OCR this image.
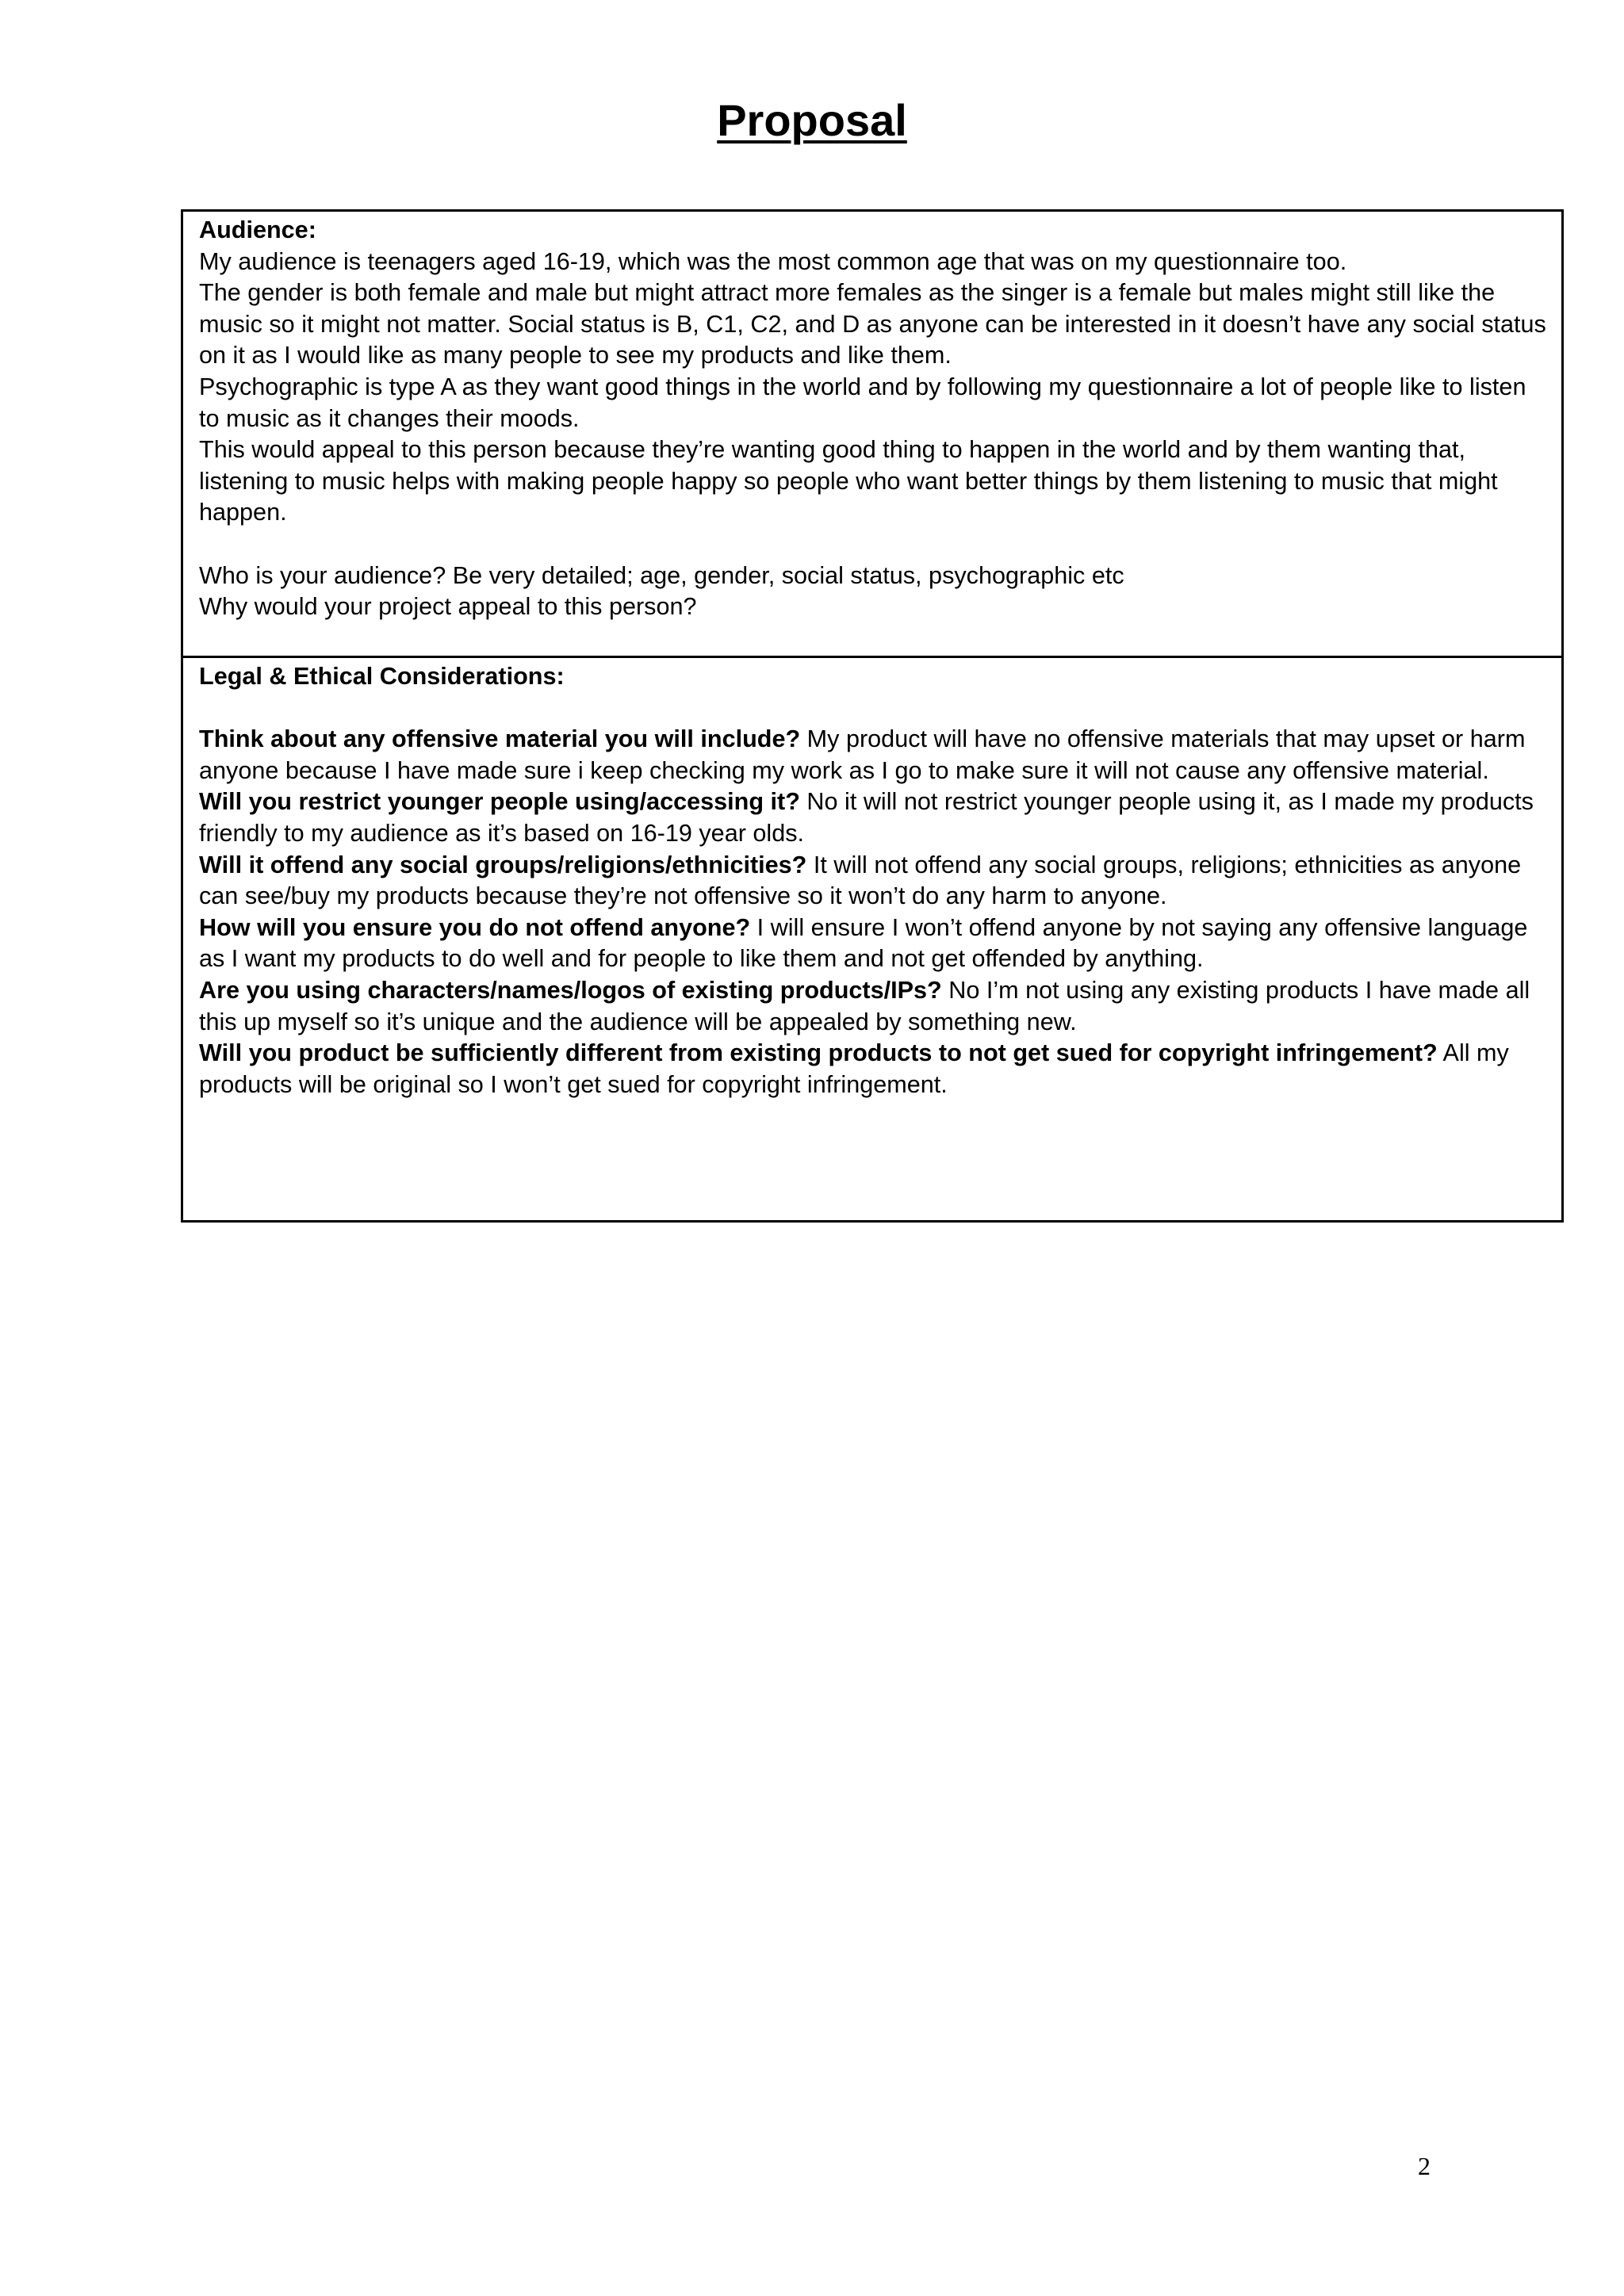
Proposal

Audience:

My audience is teenagers aged 16-19, which was the most common age that was on my questionnaire too.

The gender is both female and male but might attract more females as the singer is a female but males might still like the music so it might not matter. Social status is B, C1, C2, and D as anyone can be interested in it doesn’t have any social status on it as I would like as many people to see my products and like them.

Psychographic is type A as they want good things in the world and by following my questionnaire a lot of people like to listen to music as it changes their moods.

This would appeal to this person because they’re wanting good thing to happen in the world and by them wanting that, listening to music helps with making people happy so people who want better things by them listening to music that might happen.

Who is your audience? Be very detailed; age, gender, social status, psychographic etc

Why would your project appeal to this person?

Legal & Ethical Considerations:

Think about any offensive material you will include? My product will have no offensive materials that may upset or harm anyone because I have made sure i keep checking my work as I go to make sure it will not cause any offensive material.

Will you restrict younger people using/accessing it? No it will not restrict younger people using it, as I made my products friendly to my audience as it’s based on 16-19 year olds.

Will it offend any social groups/religions/ethnicities? It will not offend any social groups, religions; ethnicities as anyone can see/buy my products because they’re not offensive so it won’t do any harm to anyone.

How will you ensure you do not offend anyone? I will ensure I won’t offend anyone by not saying any offensive language as I want my products to do well and for people to like them and not get offended by anything.

Are you using characters/names/logos of existing products/IPs? No I’m not using any existing products I have made all this up myself so it’s unique and the audience will be appealed by something new.

Will you product be sufficiently different from existing products to not get sued for copyright infringement? All my products will be original so I won’t get sued for copyright infringement.

2
